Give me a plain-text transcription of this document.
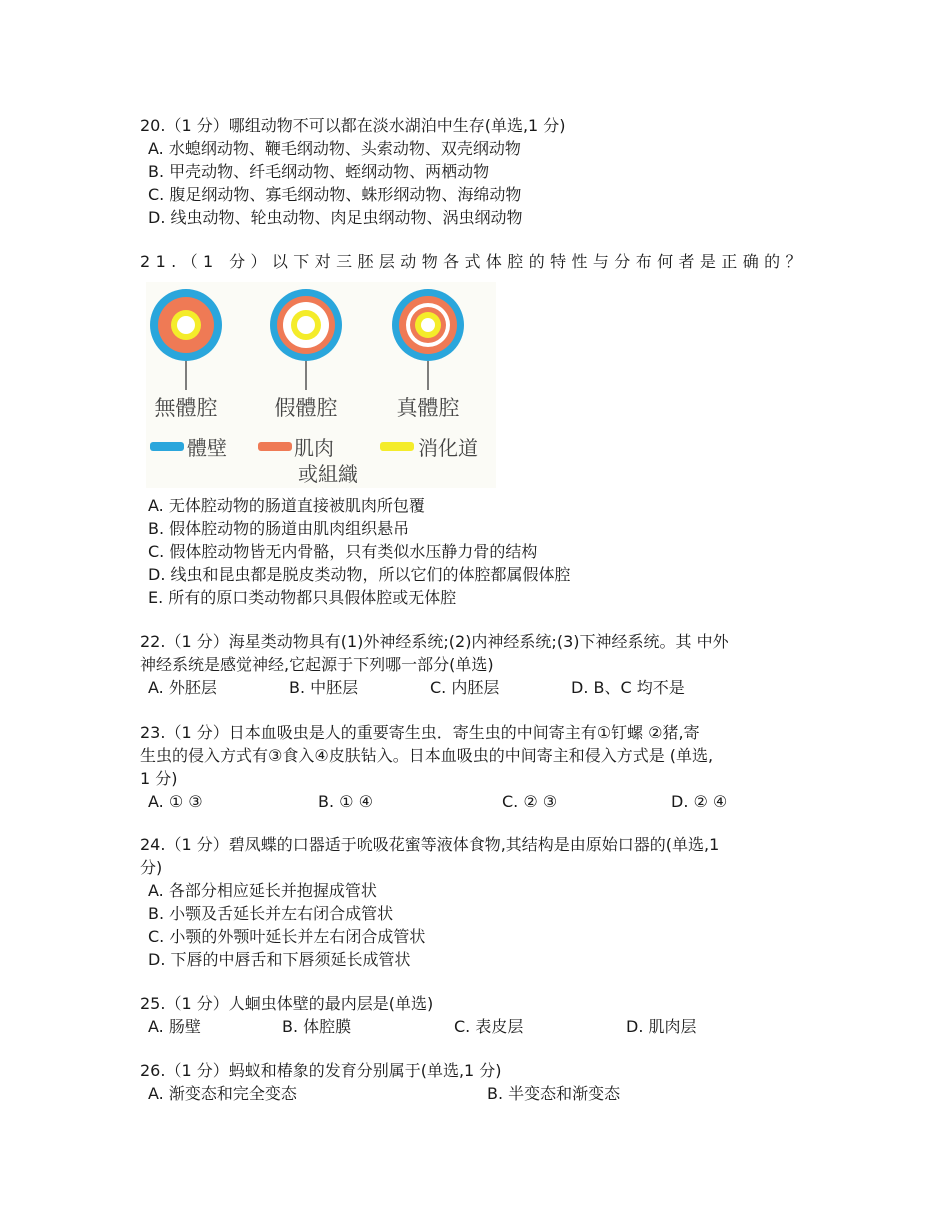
20.（1 分）哪组动物不可以都在淡水湖泊中生存(单选,1 分)
A. 水螅纲动物、鞭毛纲动物、头索动物、双壳纲动物
B. 甲壳动物、纤毛纲动物、蛭纲动物、两栖动物
C. 腹足纲动物、寡毛纲动物、蛛形纲动物、海绵动物
D. 线虫动物、轮虫动物、肉足虫纲动物、涡虫纲动物
21.（1 分）以下对三胚层动物各式体腔的特性与分布何者是正确的？
無體腔	假體腔	真體腔
體壁	肌肉
或組織
消化道
A. 无体腔动物的肠道直接被肌肉所包覆
B. 假体腔动物的肠道由肌肉组织悬吊
C. 假体腔动物皆无内骨骼，只有类似水压静力骨的结构
D. 线虫和昆虫都是脱皮类动物，所以它们的体腔都属假体腔
E. 所有的原口类动物都只具假体腔或无体腔
22.（1 分）海星类动物具有(1)外神经系统;(2)内神经系统;(3)下神经系统。其 中外
神经系统是感觉神经,它起源于下列哪一部分(单选)
A. 外胚层	B. 中胚层	C. 内胚层	D. B、C 均不是
23.（1 分）日本血吸虫是人的重要寄生虫．寄生虫的中间寄主有①钉螺 ②猪,寄
生虫的侵入方式有③食入④皮肤钻入。日本血吸虫的中间寄主和侵入方式是 (单选,
1 分)
A. ① ③	B. ① ④	C. ② ③	D. ② ④
24.（1 分）碧凤蝶的口器适于吮吸花蜜等液体食物,其结构是由原始口器的(单选,1
分)
A. 各部分相应延长并抱握成管状
B. 小颚及舌延长并左右闭合成管状
C. 小颚的外颚叶延长并左右闭合成管状
D. 下唇的中唇舌和下唇须延长成管状
25.（1 分）人蛔虫体壁的最内层是(单选)
A. 肠壁	B. 体腔膜	C. 表皮层	D. 肌肉层
26.（1 分）蚂蚁和椿象的发育分别属于(单选,1 分)
A. 渐变态和完全变态	B. 半变态和渐变态
